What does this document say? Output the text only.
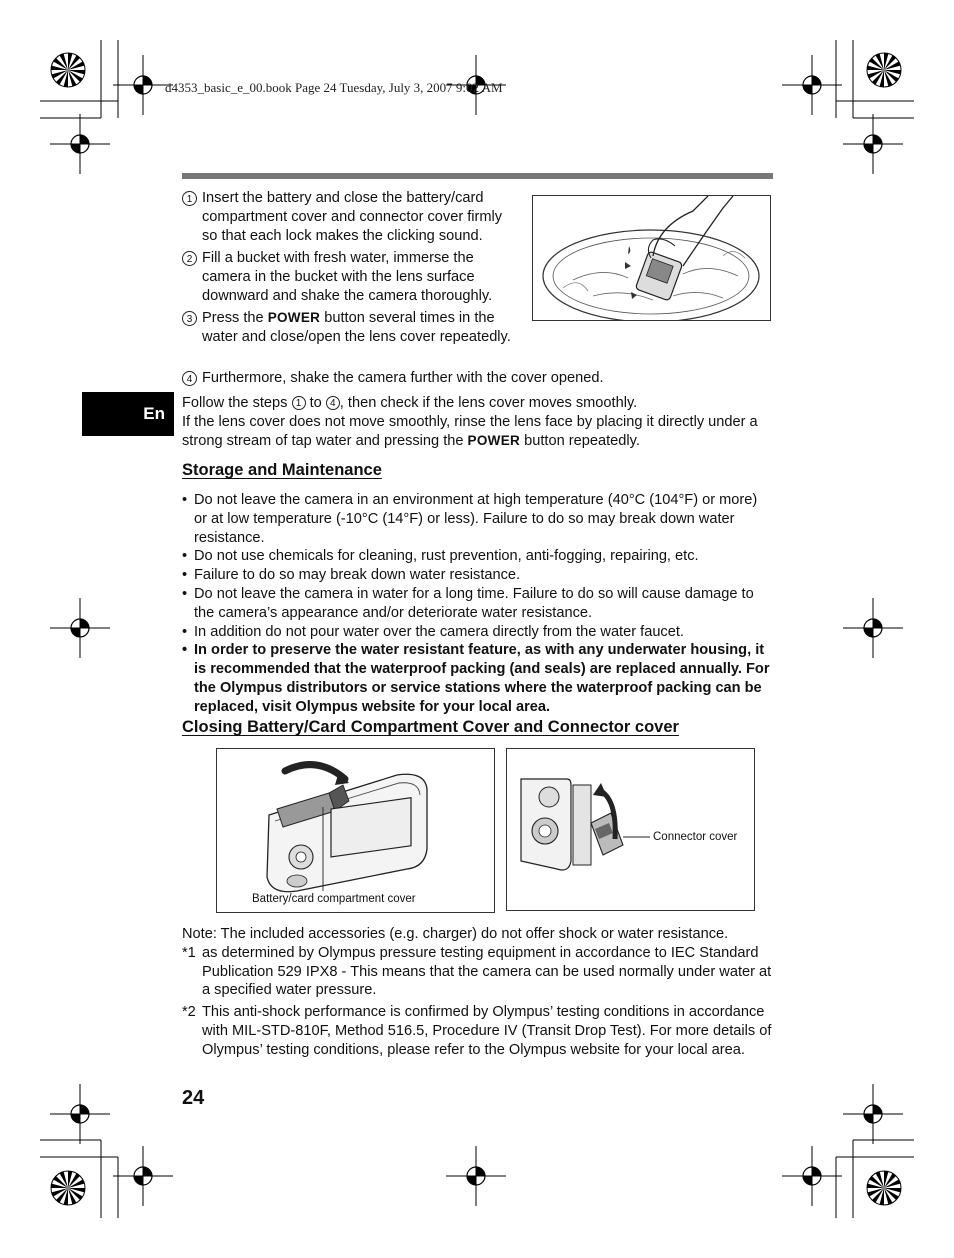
d4353_basic_e_00.book Page 24 Tuesday, July 3, 2007 9:02 AM
En
1 Insert the battery and close the battery/card compartment cover and connector cover firmly so that each lock makes the clicking sound.
2 Fill a bucket with fresh water, immerse the camera in the bucket with the lens surface downward and shake the camera thoroughly.
3 Press the POWER button several times in the water and close/open the lens cover repeatedly.
4 Furthermore, shake the camera further with the cover opened.
Follow the steps 1 to 4 , then check if the lens cover moves smoothly.
If the lens cover does not move smoothly, rinse the lens face by placing it directly under a strong stream of tap water and pressing the POWER button repeatedly.
Storage and Maintenance
• Do not leave the camera in an environment at high temperature (40°C (104°F) or more) or at low temperature (-10°C (14°F) or less). Failure to do so may break down water resistance.
• Do not use chemicals for cleaning, rust prevention, anti-fogging, repairing, etc.
• Failure to do so may break down water resistance.
• Do not leave the camera in water for a long time. Failure to do so will cause damage to the camera’s appearance and/or deteriorate water resistance.
• In addition do not pour water over the camera directly from the water faucet.
• In order to preserve the water resistant feature, as with any underwater housing, it is recommended that the waterproof packing (and seals) are replaced annually. For the Olympus distributors or service stations where the waterproof packing can be replaced, visit Olympus website for your local area.
Closing Battery/Card Compartment Cover and Connector cover
Battery/card compartment cover
Connector cover
Note: The included accessories (e.g. charger) do not offer shock or water resistance.
*1 as determined by Olympus pressure testing equipment in accordance to IEC Standard Publication 529 IPX8 - This means that the camera can be used normally under water at a specified water pressure.
*2 This anti-shock performance is confirmed by Olympus’ testing conditions in accordance with MIL-STD-810F, Method 516.5, Procedure IV (Transit Drop Test). For more details of Olympus’ testing conditions, please refer to the Olympus website for your local area.
24
